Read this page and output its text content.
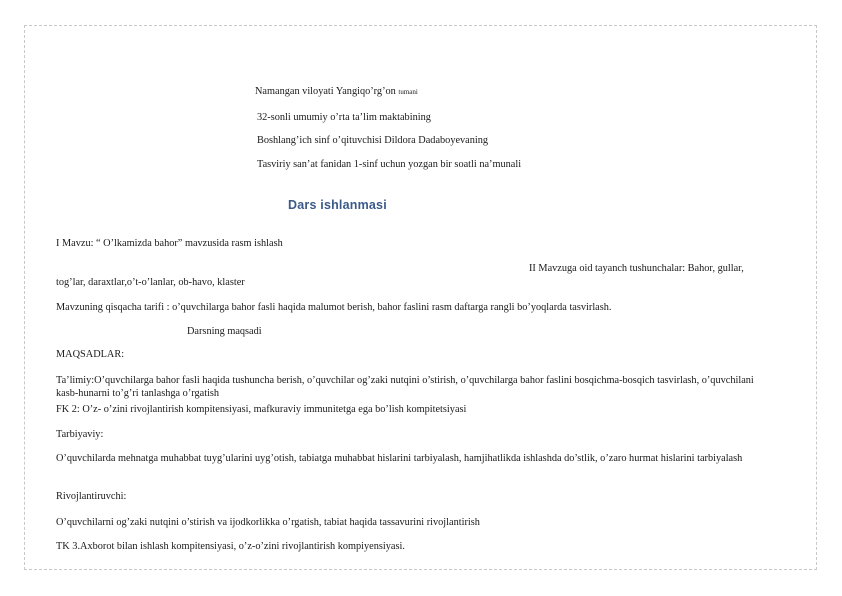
Namangan viloyati Yangiqo’rg’on tumani
32-sonli umumiy o’rta ta’lim maktabining
Boshlang’ich sinf o’qituvchisi Dildora Dadaboyevaning
Tasviriy san’at fanidan 1-sinf uchun yozgan bir soatli na’munali
Dars ishlanmasi
I Mavzu: “ O’lkamizda bahor” mavzusida rasm ishlash
II Mavzuga oid tayanch tushunchalar: Bahor, gullar,
tog’lar, daraxtlar,o’t-o’lanlar, ob-havo, klaster
Mavzuning qisqacha tarifi : o’quvchilarga bahor fasli haqida malumot berish, bahor faslini rasm daftarga rangli bo’yoqlarda tasvirlash.
Darsning maqsadi
MAQSADLAR:
Ta’limiy:O’quvchilarga bahor fasli haqida tushuncha berish, o’quvchilar og’zaki nutqini o’stirish, o’quvchilarga bahor faslini bosqichma-bosqich tasvirlash, o’quvchilani kasb-hunarni to’g’ri tanlashga o’rgatish
FK 2: O’z- o’zini rivojlantirish kompitensiyasi, mafkuraviy immunitetga ega bo’lish kompitetsiyasi
Tarbiyaviy:
O’quvchilarda mehnatga muhabbat tuyg’ularini uyg’otish, tabiatga muhabbat hislarini tarbiyalash, hamjihatlikda ishlashda do’stlik, o’zaro hurmat hislarini tarbiyalash
Rivojlantiruvchi:
O’quvchilarni og’zaki nutqini o’stirish va ijodkorlikka o’rgatish, tabiat haqida tassavurini rivojlantirish
TK 3.Axborot bilan ishlash kompitensiyasi, o’z-o’zini rivojlantirish kompiyensiyasi.
